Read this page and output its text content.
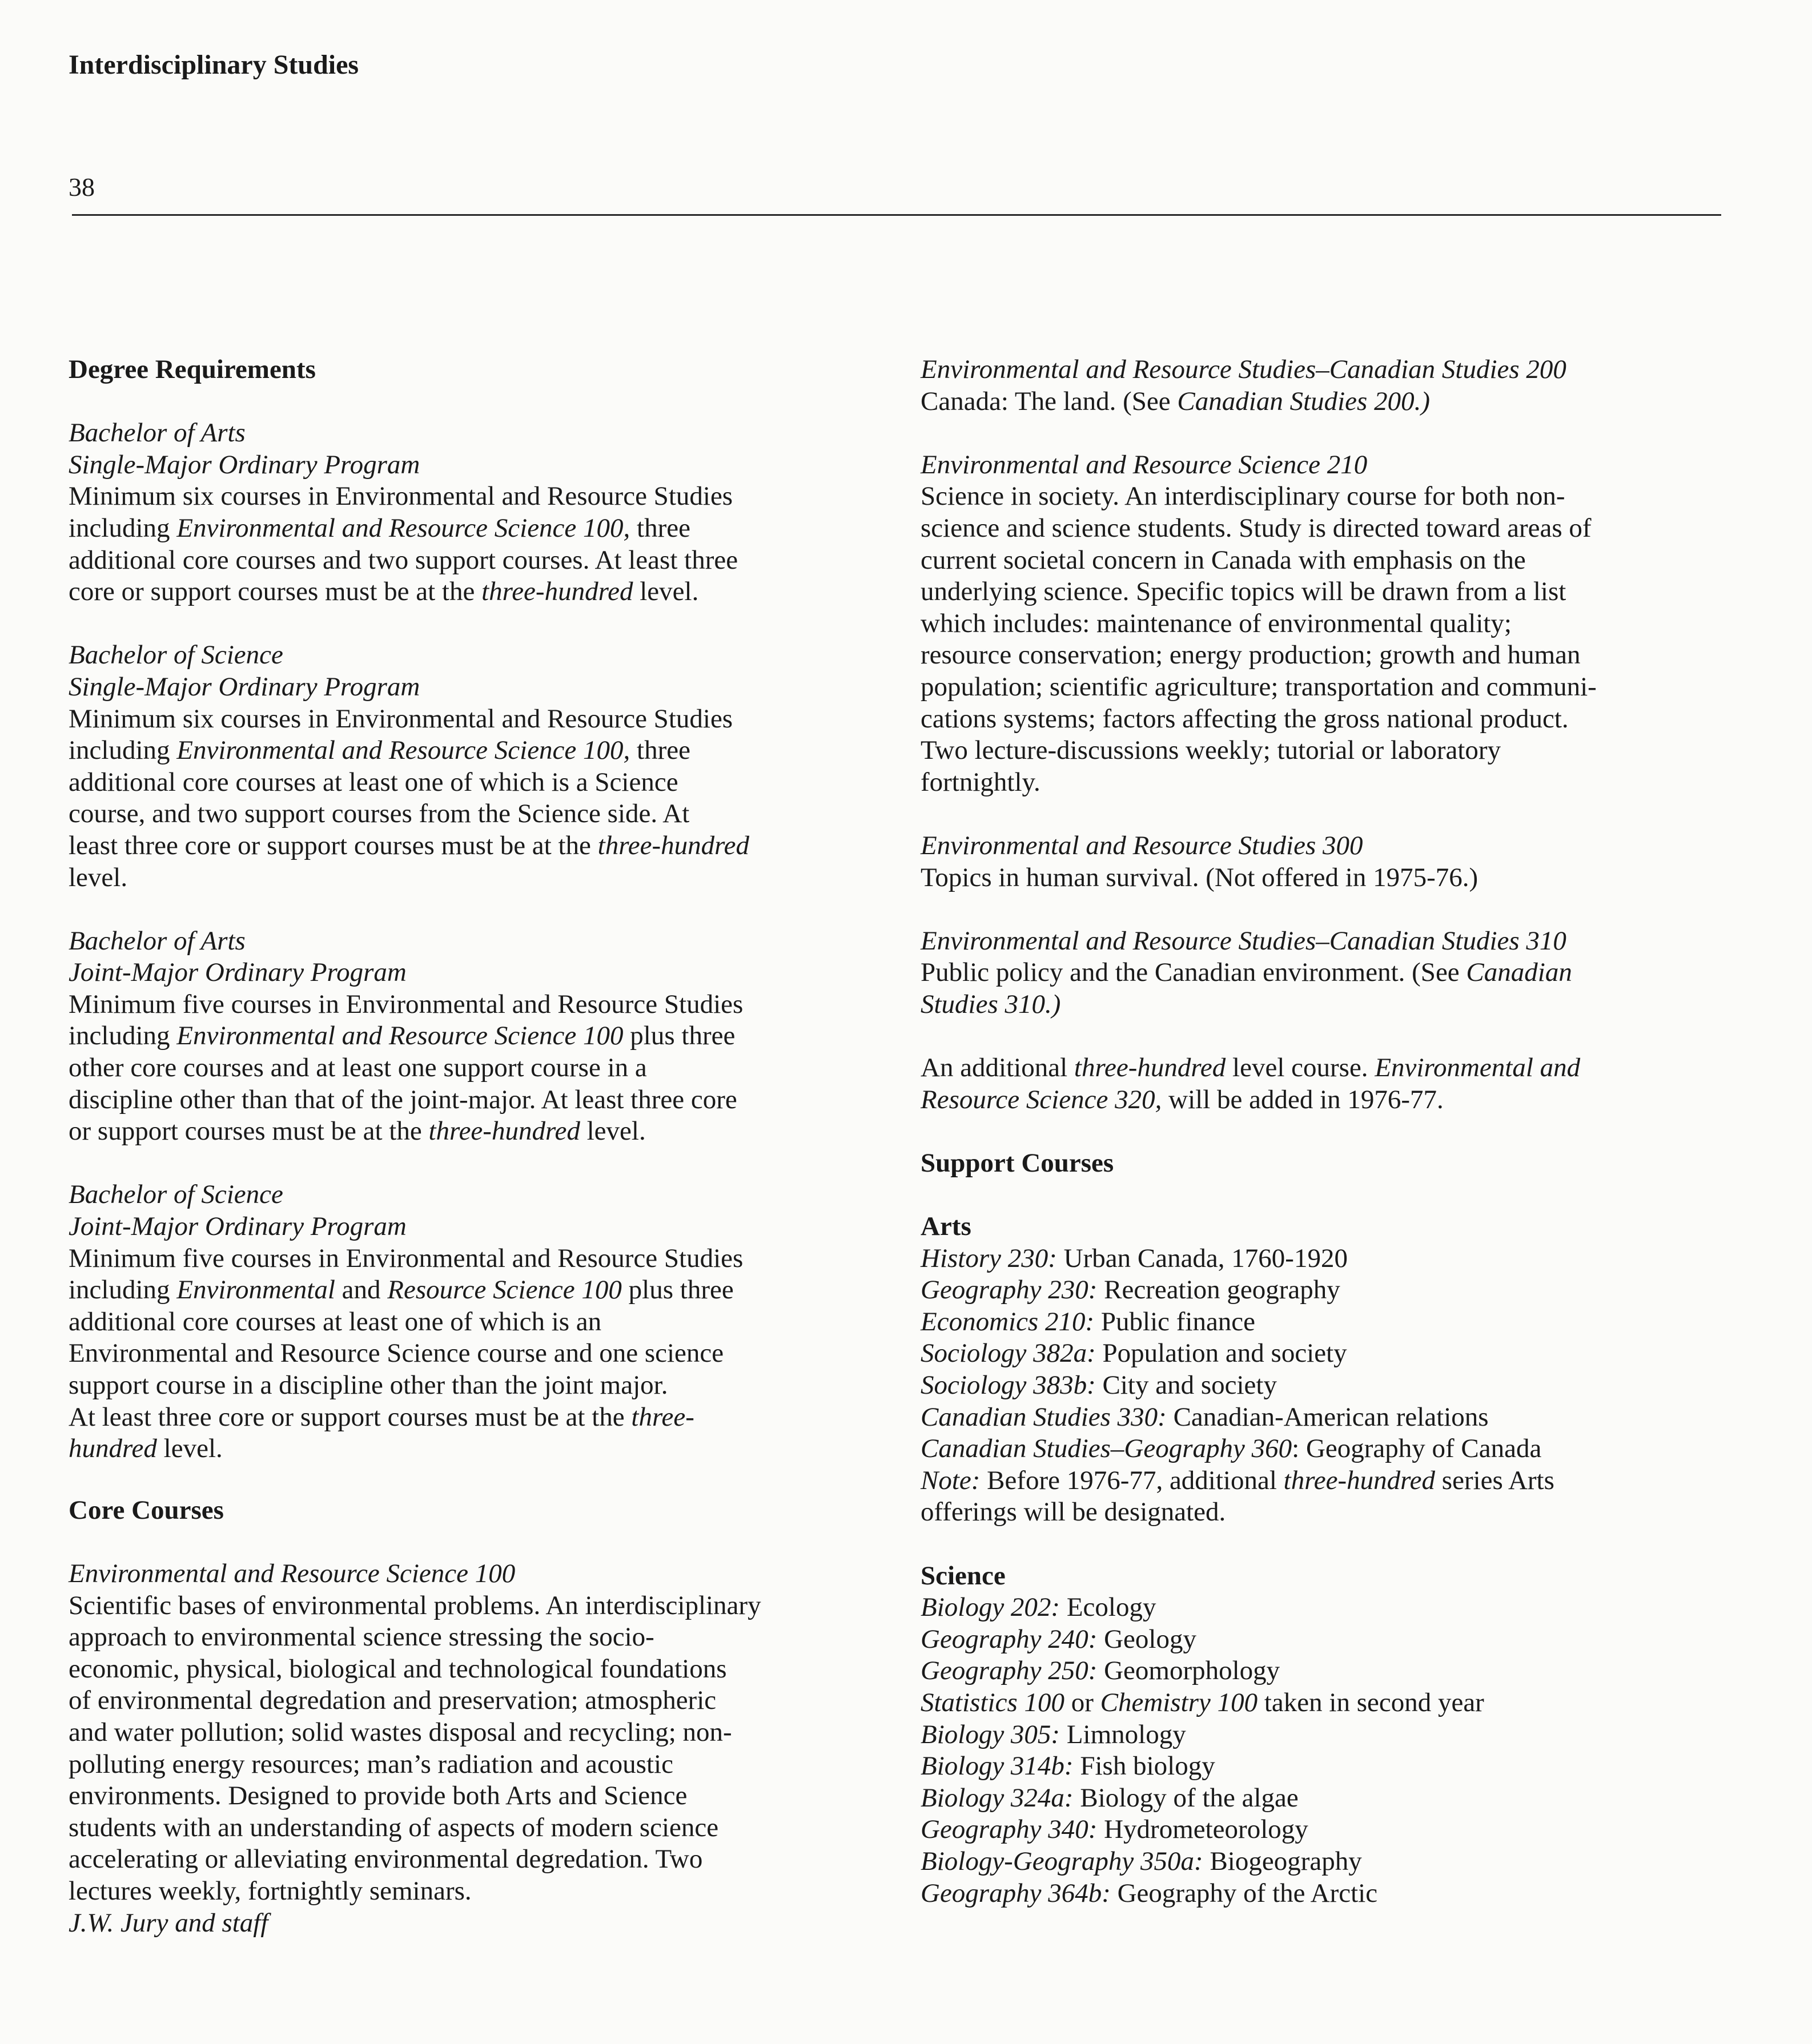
Interdisciplinary Studies
38
Degree Requirements
Bachelor of Arts
Single-Major Ordinary Program
Minimum six courses in Environmental and Resource Studies
including Environmental and Resource Science 100, three
additional core courses and two support courses. At least three
core or support courses must be at the three-hundred level.
Bachelor of Science
Single-Major Ordinary Program
Minimum six courses in Environmental and Resource Studies
including Environmental and Resource Science 100, three
additional core courses at least one of which is a Science
course, and two support courses from the Science side. At
least three core or support courses must be at the three-hundred
level.
Bachelor of Arts
Joint-Major Ordinary Program
Minimum five courses in Environmental and Resource Studies
including Environmental and Resource Science 100 plus three
other core courses and at least one support course in a
discipline other than that of the joint-major. At least three core
or support courses must be at the three-hundred level.
Bachelor of Science
Joint-Major Ordinary Program
Minimum five courses in Environmental and Resource Studies
including Environmental and Resource Science 100 plus three
additional core courses at least one of which is an
Environmental and Resource Science course and one science
support course in a discipline other than the joint major.
At least three core or support courses must be at the three-
hundred level.
Core Courses
Environmental and Resource Science 100
Scientific bases of environmental problems. An interdisciplinary
approach to environmental science stressing the socio-
economic, physical, biological and technological foundations
of environmental degredation and preservation; atmospheric
and water pollution; solid wastes disposal and recycling; non-
polluting energy resources; man’s radiation and acoustic
environments. Designed to provide both Arts and Science
students with an understanding of aspects of modern science
accelerating or alleviating environmental degredation. Two
lectures weekly, fortnightly seminars.
J.W. Jury and staff
Environmental and Resource Studies–Canadian Studies 200
Canada: The land. (See Canadian Studies 200.)
Environmental and Resource Science 210
Science in society. An interdisciplinary course for both non-
science and science students. Study is directed toward areas of
current societal concern in Canada with emphasis on the
underlying science. Specific topics will be drawn from a list
which includes: maintenance of environmental quality;
resource conservation; energy production; growth and human
population; scientific agriculture; transportation and communi-
cations systems; factors affecting the gross national product.
Two lecture-discussions weekly; tutorial or laboratory
fortnightly.
Environmental and Resource Studies 300
Topics in human survival. (Not offered in 1975-76.)
Environmental and Resource Studies–Canadian Studies 310
Public policy and the Canadian environment. (See Canadian
Studies 310.)
An additional three-hundred level course. Environmental and
Resource Science 320, will be added in 1976-77.
Support Courses
Arts
History 230: Urban Canada, 1760-1920
Geography 230: Recreation geography
Economics 210: Public finance
Sociology 382a: Population and society
Sociology 383b: City and society
Canadian Studies 330: Canadian-American relations
Canadian Studies–Geography 360: Geography of Canada
Note: Before 1976-77, additional three-hundred series Arts
offerings will be designated.
Science
Biology 202: Ecology
Geography 240: Geology
Geography 250: Geomorphology
Statistics 100 or Chemistry 100 taken in second year
Biology 305: Limnology
Biology 314b: Fish biology
Biology 324a: Biology of the algae
Geography 340: Hydrometeorology
Biology-Geography 350a: Biogeography
Geography 364b: Geography of the Arctic
